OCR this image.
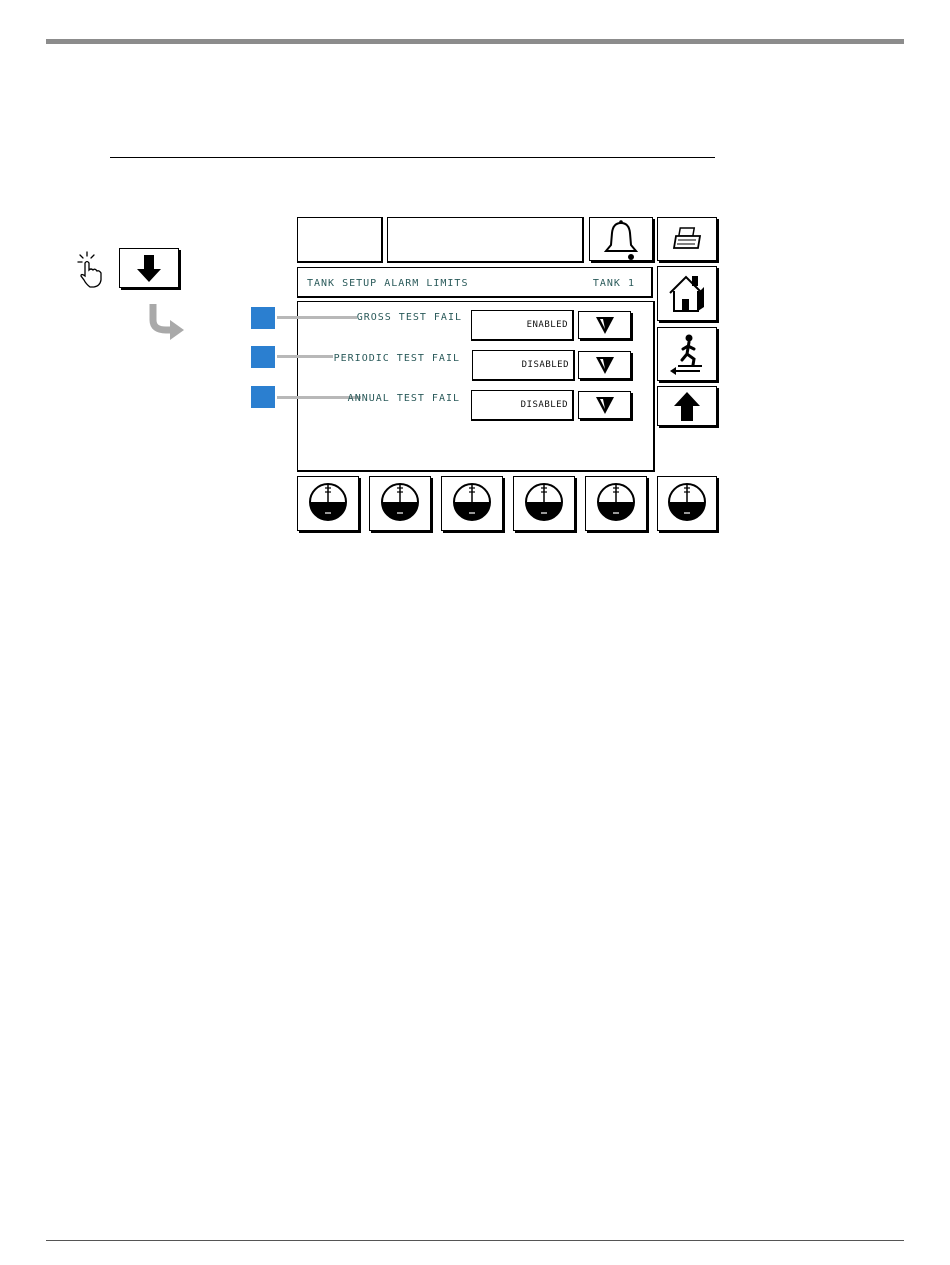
TANK SETUP ALARM LIMITS	TANK 1
GROSS TEST FAIL
ENABLED
PERIODIC TEST FAIL
DISABLED
ANNUAL TEST FAIL
DISABLED
